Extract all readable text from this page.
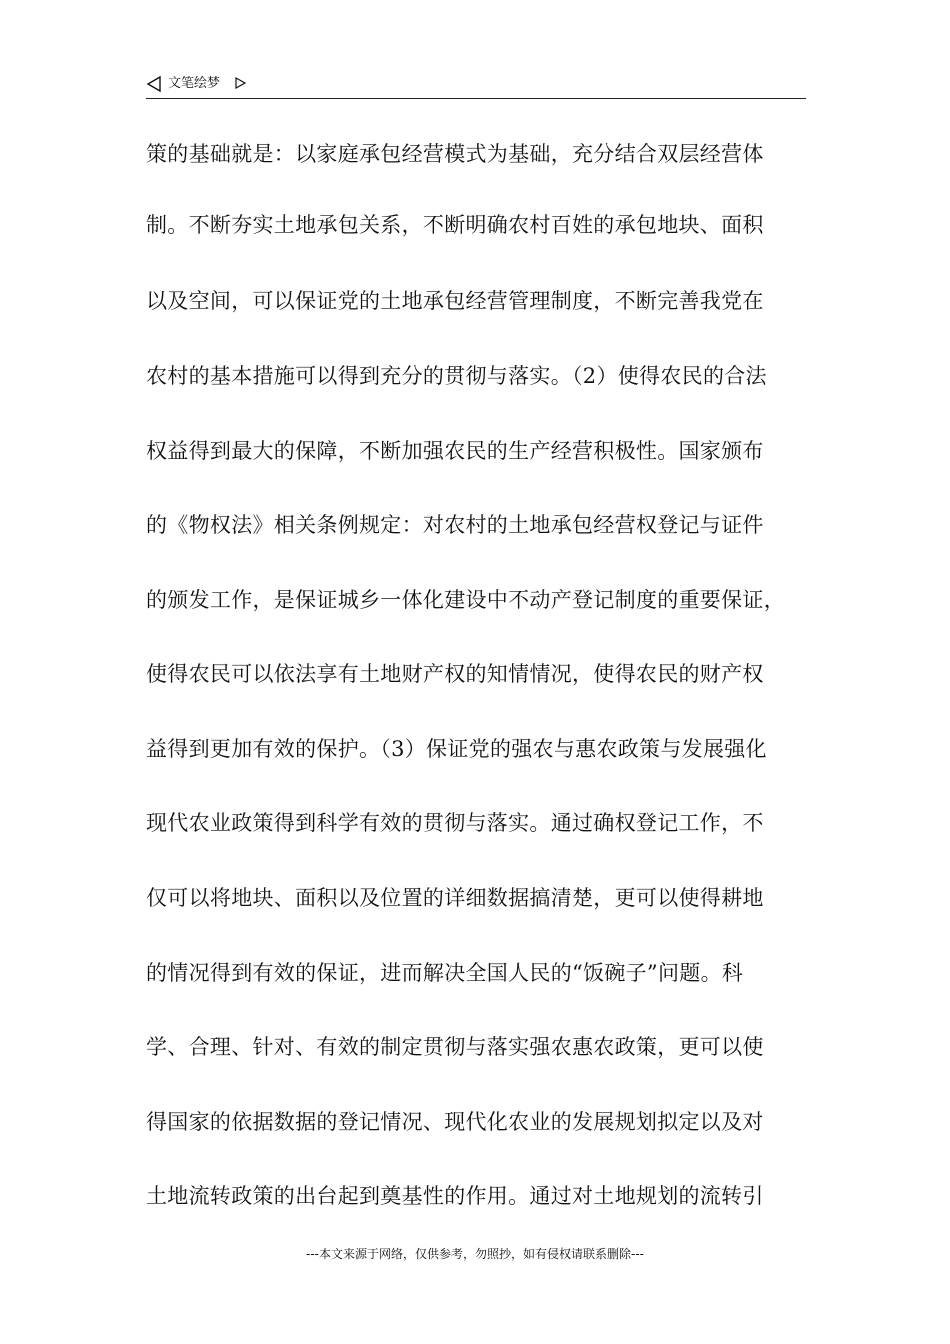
文笔绘梦
策的基础就是：以家庭承包经营模式为基础，充分结合双层经营体
制。不断夯实土地承包关系，不断明确农村百姓的承包地块、面积
以及空间，可以保证党的土地承包经营管理制度，不断完善我党在
农村的基本措施可以得到充分的贯彻与落实。（2）使得农民的合法
权益得到最大的保障，不断加强农民的生产经营积极性。国家颁布
的《物权法》相关条例规定：对农村的土地承包经营权登记与证件
的颁发工作，是保证城乡一体化建设中不动产登记制度的重要保证，
使得农民可以依法享有土地财产权的知情情况，使得农民的财产权
益得到更加有效的保护。（3）保证党的强农与惠农政策与发展强化
现代农业政策得到科学有效的贯彻与落实。通过确权登记工作，不
仅可以将地块、面积以及位置的详细数据搞清楚，更可以使得耕地
的情况得到有效的保证，进而解决全国人民的“饭碗子”问题。科
学、合理、针对、有效的制定贯彻与落实强农惠农政策，更可以使
得国家的依据数据的登记情况、现代化农业的发展规划拟定以及对
土地流转政策的出台起到奠基性的作用。通过对土地规划的流转引
---本文来源于网络，仅供参考，勿照抄，如有侵权请联系删除---
